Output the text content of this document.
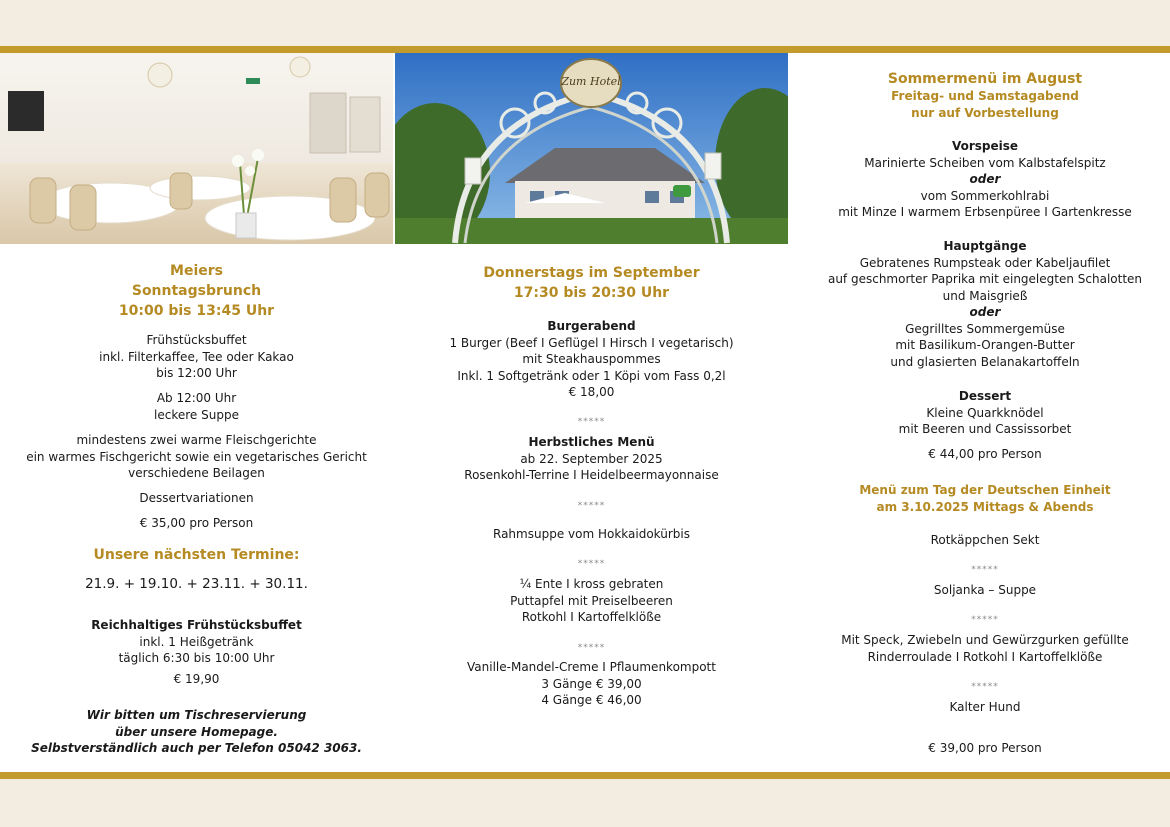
Zum Hotel
Meiers
Sonntagsbrunch
10:00 bis 13:45 Uhr
Frühstücksbuffet
inkl. Filterkaffee, Tee oder Kakao
bis 12:00 Uhr
Ab 12:00 Uhr
leckere Suppe
mindestens zwei warme Fleischgerichte
ein warmes Fischgericht sowie ein vegetarisches Gericht
verschiedene Beilagen
Dessertvariationen
€ 35,00 pro Person
Unsere nächsten Termine:
21.9. + 19.10. + 23.11. + 30.11.
Reichhaltiges Frühstücksbuffet
inkl. 1 Heißgetränk
täglich 6:30 bis 10:00 Uhr
€ 19,90
Wir bitten um Tischreservierung
über unsere Homepage.
Selbstverständlich auch per Telefon 05042 3063.
Donnerstags im September
17:30 bis 20:30 Uhr
Burgerabend
1 Burger (Beef I Geflügel I Hirsch I vegetarisch)
mit Steakhauspommes
Inkl. 1 Softgetränk oder 1 Köpi vom Fass 0,2l
€ 18,00
*****
Herbstliches Menü
ab 22. September 2025
Rosenkohl-Terrine I Heidelbeermayonnaise
*****
Rahmsuppe vom Hokkaidokürbis
*****
¼ Ente I kross gebraten
Puttapfel mit Preiselbeeren
Rotkohl I Kartoffelklöße
*****
Vanille-Mandel-Creme I Pflaumenkompott
3 Gänge € 39,00
4 Gänge € 46,00
Sommermenü im August
Freitag- und Samstagabend
nur auf Vorbestellung
Vorspeise
Marinierte Scheiben vom Kalbstafelspitz
oder
vom Sommerkohlrabi
mit Minze I warmem Erbsenpüree I Gartenkresse
Hauptgänge
Gebratenes Rumpsteak oder Kabeljaufilet
auf geschmorter Paprika mit eingelegten Schalotten
und Maisgrieß
oder
Gegrilltes Sommergemüse
mit Basilikum-Orangen-Butter
und glasierten Belanakartoffeln
Dessert
Kleine Quarkknödel
mit Beeren und Cassissorbet
€ 44,00 pro Person
Menü zum Tag der Deutschen Einheit
am 3.10.2025 Mittags & Abends
Rotkäppchen Sekt
*****
Soljanka – Suppe
*****
Mit Speck, Zwiebeln und Gewürzgurken gefüllte
Rinderroulade I Rotkohl I Kartoffelklöße
*****
Kalter Hund
€ 39,00 pro Person
